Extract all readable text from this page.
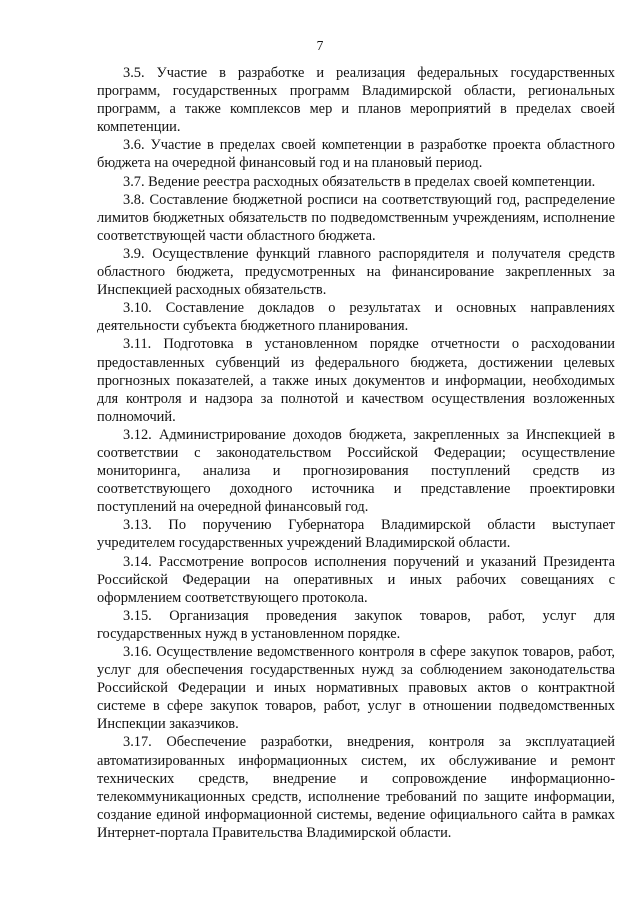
7

3.5. Участие в разработке и реализация федеральных государственных программ, государственных программ Владимирской области, региональных программ, а также комплексов мер и планов мероприятий в пределах своей компетенции.

3.6. Участие в пределах своей компетенции в разработке проекта областного бюджета на очередной финансовый год и на плановый период.

3.7. Ведение реестра расходных обязательств в пределах своей компетенции.

3.8. Составление бюджетной росписи на соответствующий год, распределение лимитов бюджетных обязательств по подведомственным учреждениям, исполнение соответствующей части областного бюджета.

3.9. Осуществление функций главного распорядителя и получателя средств областного бюджета, предусмотренных на финансирование закрепленных за Инспекцией расходных обязательств.

3.10. Составление докладов о результатах и основных направлениях деятельности субъекта бюджетного планирования.

3.11. Подготовка в установленном порядке отчетности о расходовании предоставленных субвенций из федерального бюджета, достижении целевых прогнозных показателей, а также иных документов и информации, необходимых для контроля и надзора за полнотой и качеством осуществления возложенных полномочий.

3.12. Администрирование доходов бюджета, закрепленных за Инспекцией в соответствии с законодательством Российской Федерации; осуществление мониторинга, анализа и прогнозирования поступлений средств из соответствующего доходного источника и представление проектировки поступлений на очередной финансовый год.

3.13. По поручению Губернатора Владимирской области выступает учредителем государственных учреждений Владимирской области.

3.14. Рассмотрение вопросов исполнения поручений и указаний Президента Российской Федерации на оперативных и иных рабочих совещаниях с оформлением соответствующего протокола.

3.15. Организация проведения закупок товаров, работ, услуг для государственных нужд в установленном порядке.

3.16. Осуществление ведомственного контроля в сфере закупок товаров, работ, услуг для обеспечения государственных нужд за соблюдением законодательства Российской Федерации и иных нормативных правовых актов о контрактной системе в сфере закупок товаров, работ, услуг в отношении подведомственных Инспекции заказчиков.

3.17. Обеспечение разработки, внедрения, контроля за эксплуатацией автоматизированных информационных систем, их обслуживание и ремонт технических средств, внедрение и сопровождение информационно-телекоммуникационных средств, исполнение требований по защите информации, создание единой информационной системы, ведение официального сайта в рамках Интернет-портала Правительства Владимирской области.
